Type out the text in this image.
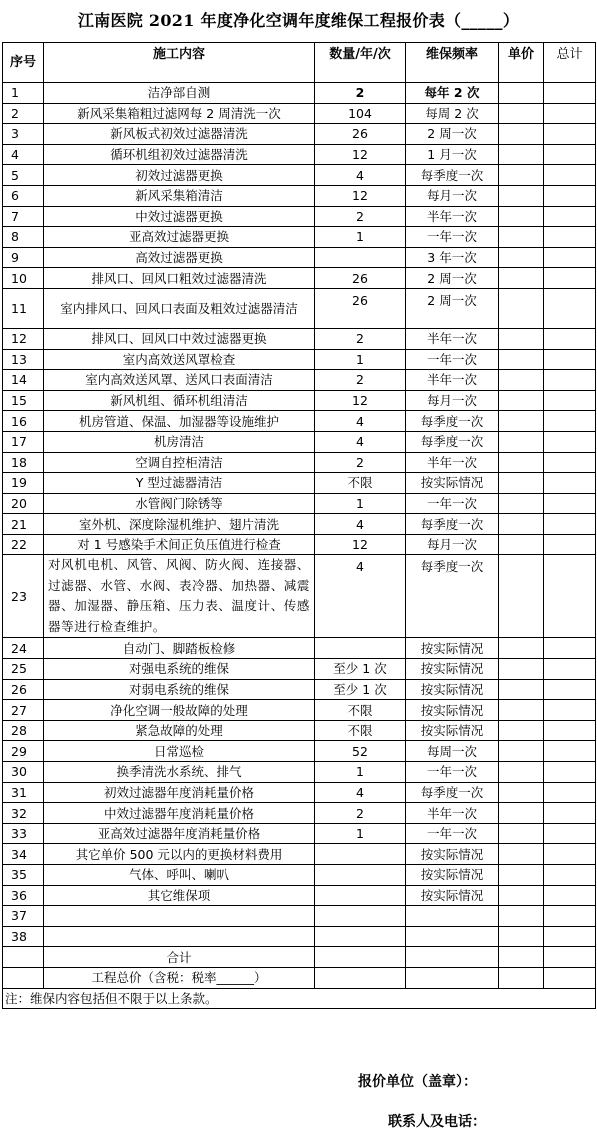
江南医院 2021 年度净化空调年度维保工程报价表（_____）
序号	施工内容	数量/年/次	维保频率	单价	总计
1	洁净部自测	2	每年 2 次		
2	新风采集箱粗过滤网每 2 周清洗一次	104	每周 2 次		
3	新风板式初效过滤器清洗	26	2 周一次		
4	循环机组初效过滤器清洗	12	1 月一次		
5	初效过滤器更换	4	每季度一次		
6	新风采集箱清洁	12	每月一次		
7	中效过滤器更换	2	半年一次		
8	亚高效过滤器更换	1	一年一次		
9	高效过滤器更换		3 年一次		
10	排风口、回风口粗效过滤器清洗	26	2 周一次		
11	室内排风口、回风口表面及粗效过滤器清洁	26	2 周一次		
12	排风口、回风口中效过滤器更换	2	半年一次		
13	室内高效送风罩检查	1	一年一次		
14	室内高效送风罩、送风口表面清洁	2	半年一次		
15	新风机组、循环机组清洁	12	每月一次		
16	机房管道、保温、加湿器等设施维护	4	每季度一次		
17	机房清洁	4	每季度一次		
18	空调自控柜清洁	2	半年一次		
19	Y 型过滤器清洁	不限	按实际情况		
20	水管阀门除锈等	1	一年一次		
21	室外机、深度除湿机维护、翅片清洗	4	每季度一次		
22	对 1 号感染手术间正负压值进行检查	12	每月一次		
23	对风机电机、风管、风阀、防火阀、连接器、过滤器、水管、水阀、表冷器、加热器、减震器、加湿器、静压箱、压力表、温度计、传感器等进行检查维护。	4	每季度一次		
24	自动门、脚踏板检修		按实际情况		
25	对强电系统的维保	至少 1 次	按实际情况		
26	对弱电系统的维保	至少 1 次	按实际情况		
27	净化空调一般故障的处理	不限	按实际情况		
28	紧急故障的处理	不限	按实际情况		
29	日常巡检	52	每周一次		
30	换季清洗水系统、排气	1	一年一次		
31	初效过滤器年度消耗量价格	4	每季度一次		
32	中效过滤器年度消耗量价格	2	半年一次		
33	亚高效过滤器年度消耗量价格	1	一年一次		
34	其它单价 500 元以内的更换材料费用		按实际情况		
35	气体、呼叫、喇叭		按实际情况		
36	其它维保项		按实际情况		
37					
38					
	合计				
	工程总价（含税：税率______）				
注：维保内容包括但不限于以上条款。					
报价单位（盖章）：
联系人及电话：
